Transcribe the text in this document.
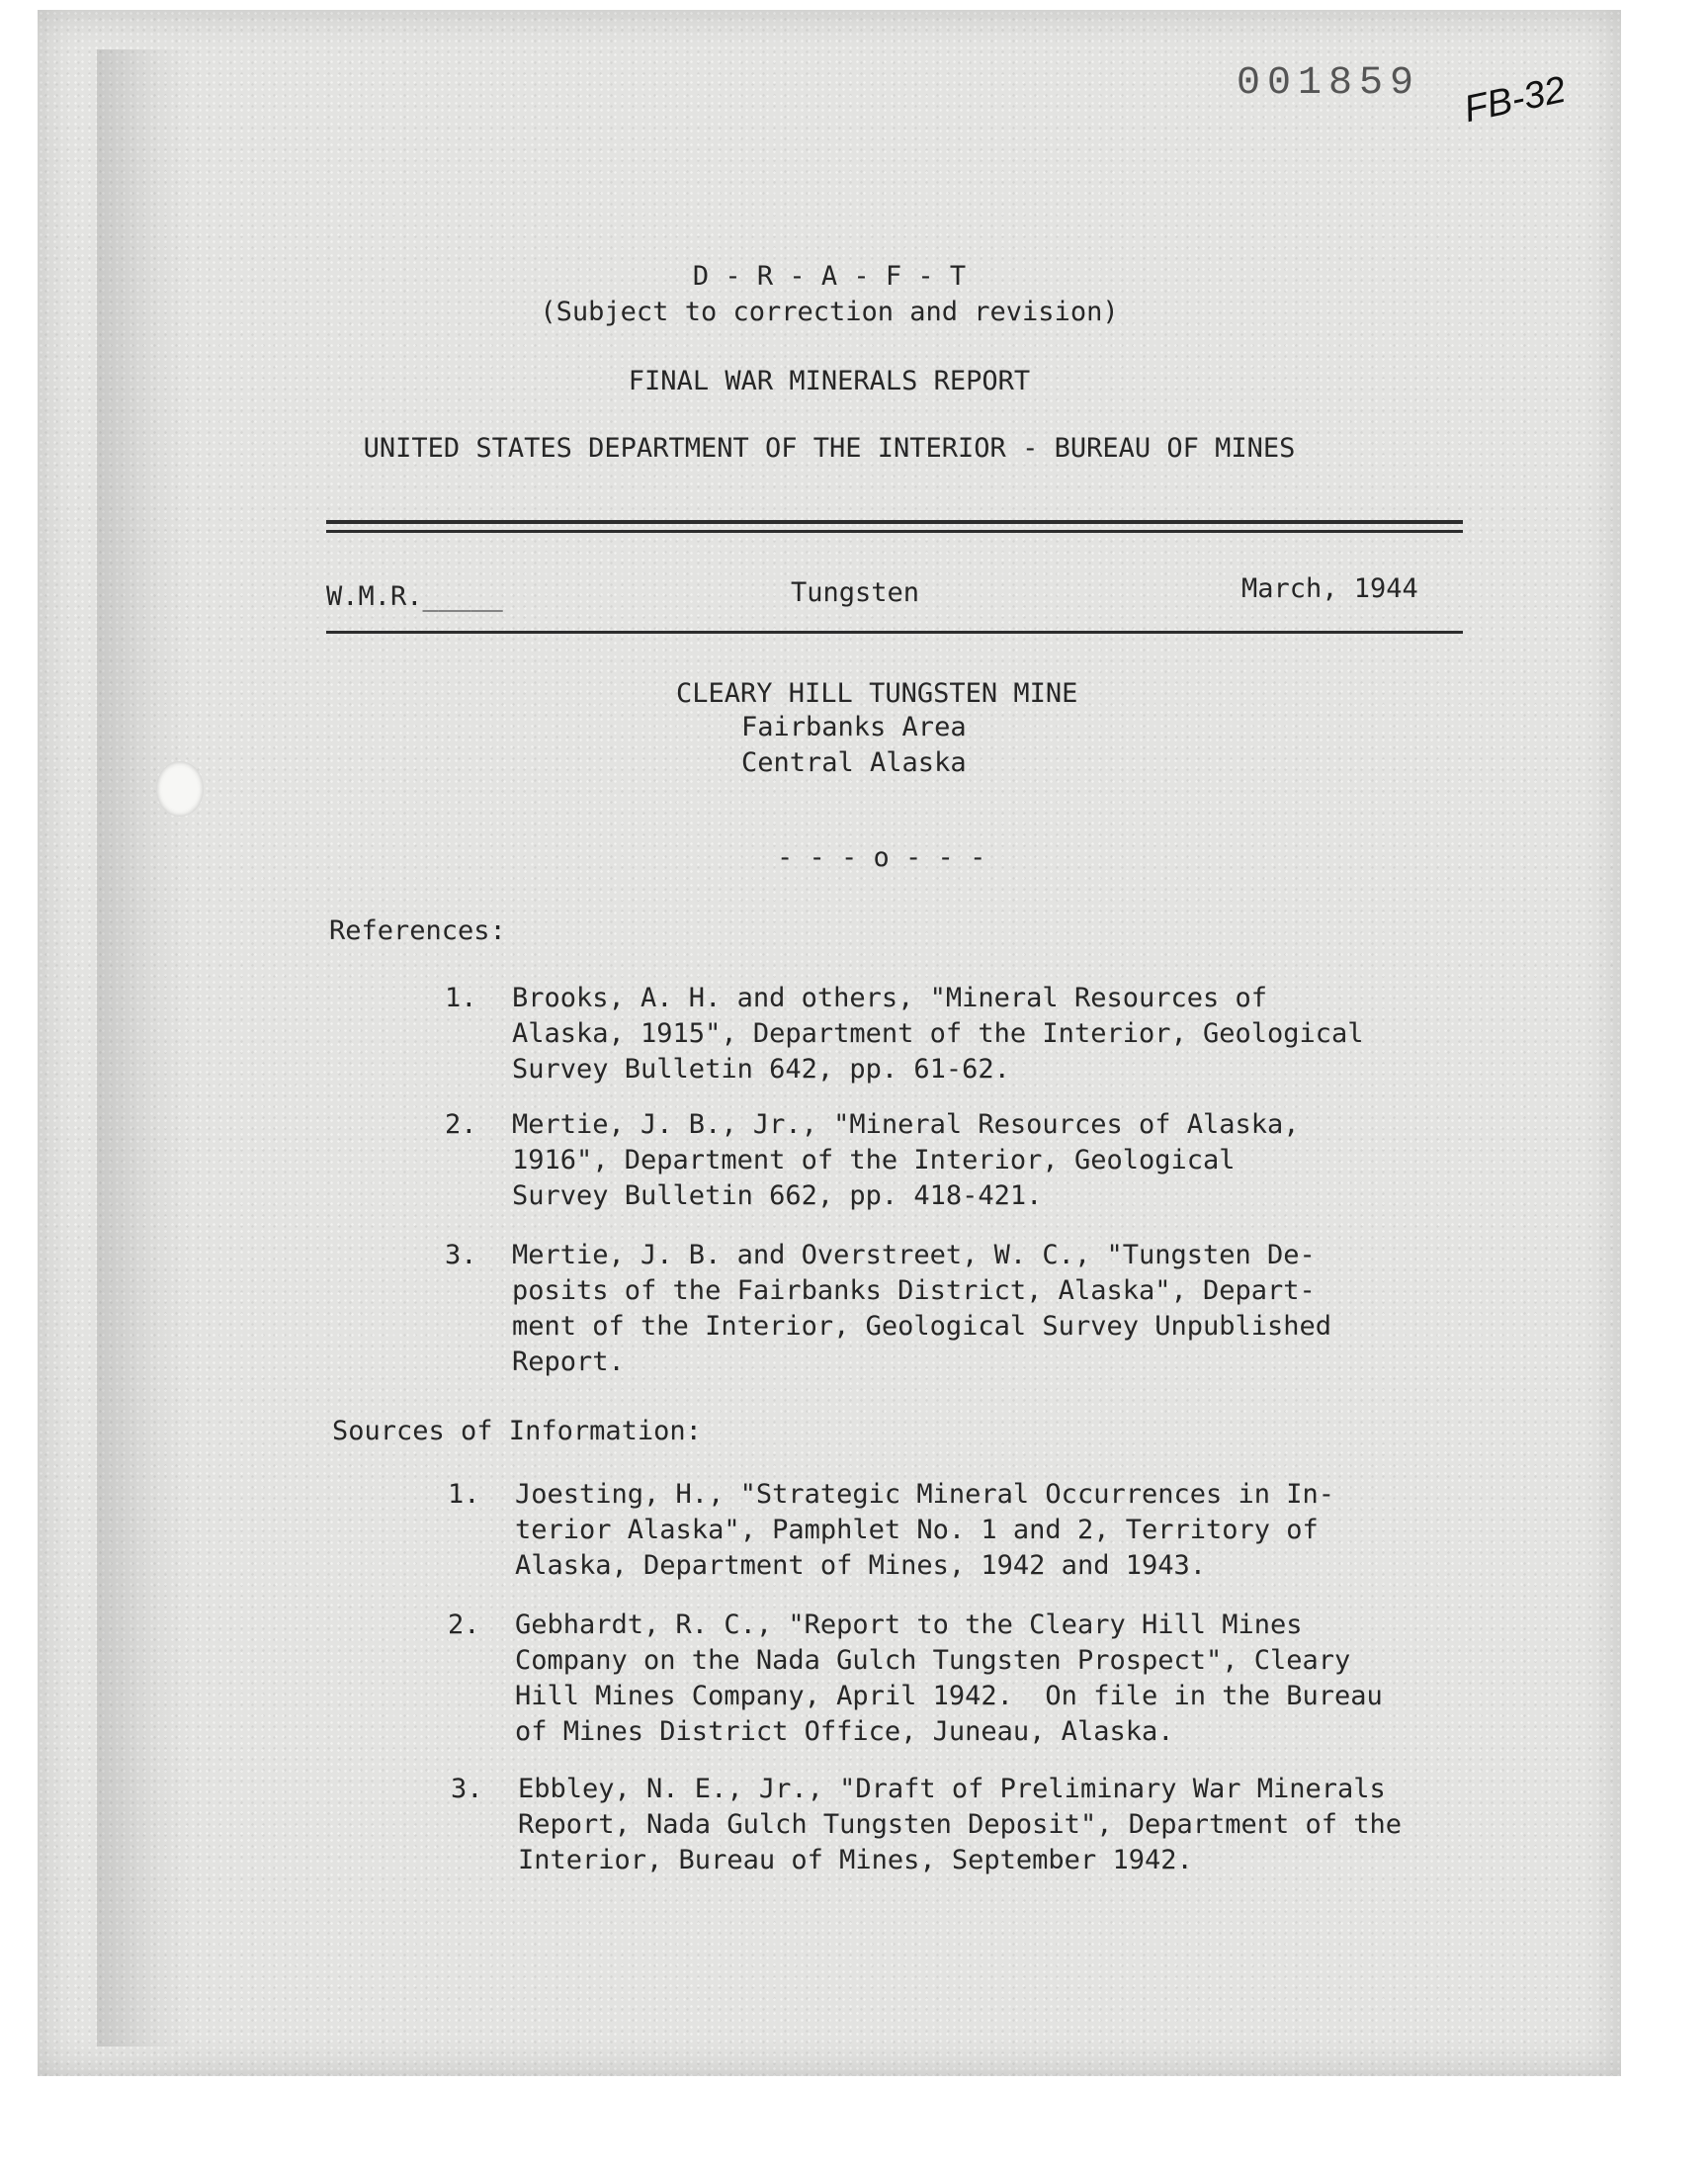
001859 FB-32
D - R - A - F - T
(Subject to correction and revision)
FINAL WAR MINERALS REPORT
UNITED STATES DEPARTMENT OF THE INTERIOR - BUREAU OF MINES
W.M.R._____	Tungsten	March, 1944
CLEARY HILL TUNGSTEN MINE
Fairbanks Area
Central Alaska
- - - o - - -
References:
1. Brooks, A. H. and others, "Mineral Resources of
Alaska, 1915", Department of the Interior, Geological
Survey Bulletin 642, pp. 61-62.
2. Mertie, J. B., Jr., "Mineral Resources of Alaska,
1916", Department of the Interior, Geological
Survey Bulletin 662, pp. 418-421.
3. Mertie, J. B. and Overstreet, W. C., "Tungsten De-
posits of the Fairbanks District, Alaska", Depart-
ment of the Interior, Geological Survey Unpublished
Report.
Sources of Information:
1. Joesting, H., "Strategic Mineral Occurrences in In-
terior Alaska", Pamphlet No. 1 and 2, Territory of
Alaska, Department of Mines, 1942 and 1943.
2. Gebhardt, R. C., "Report to the Cleary Hill Mines
Company on the Nada Gulch Tungsten Prospect", Cleary
Hill Mines Company, April 1942.  On file in the Bureau
of Mines District Office, Juneau, Alaska.
3. Ebbley, N. E., Jr., "Draft of Preliminary War Minerals
Report, Nada Gulch Tungsten Deposit", Department of the
Interior, Bureau of Mines, September 1942.
